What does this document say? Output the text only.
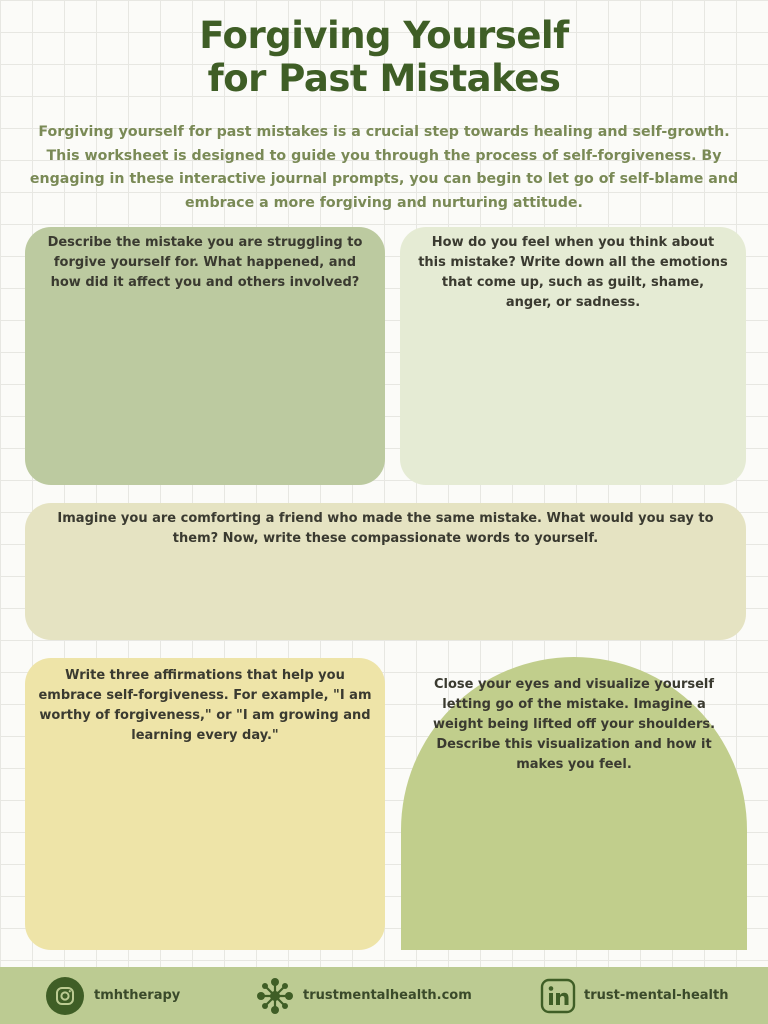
Forgiving Yourself
for Past Mistakes
Forgiving yourself for past mistakes is a crucial step towards healing and self-growth. This worksheet is designed to guide you through the process of self-forgiveness. By engaging in these interactive journal prompts, you can begin to let go of self-blame and embrace a more forgiving and nurturing attitude.

Describe the mistake you are struggling to forgive yourself for. What happened, and how did it affect you and others involved?

How do you feel when you think about this mistake? Write down all the emotions that come up, such as guilt, shame, anger, or sadness.

Imagine you are comforting a friend who made the same mistake. What would you say to them? Now, write these compassionate words to yourself.

Write three affirmations that help you embrace self-forgiveness. For example, "I am worthy of forgiveness," or "I am growing and learning every day."

Close your eyes and visualize yourself letting go of the mistake. Imagine a weight being lifted off your shoulders. Describe this visualization and how it makes you feel.

tmhtherapy	trustmentalhealth.com	trust-mental-health
